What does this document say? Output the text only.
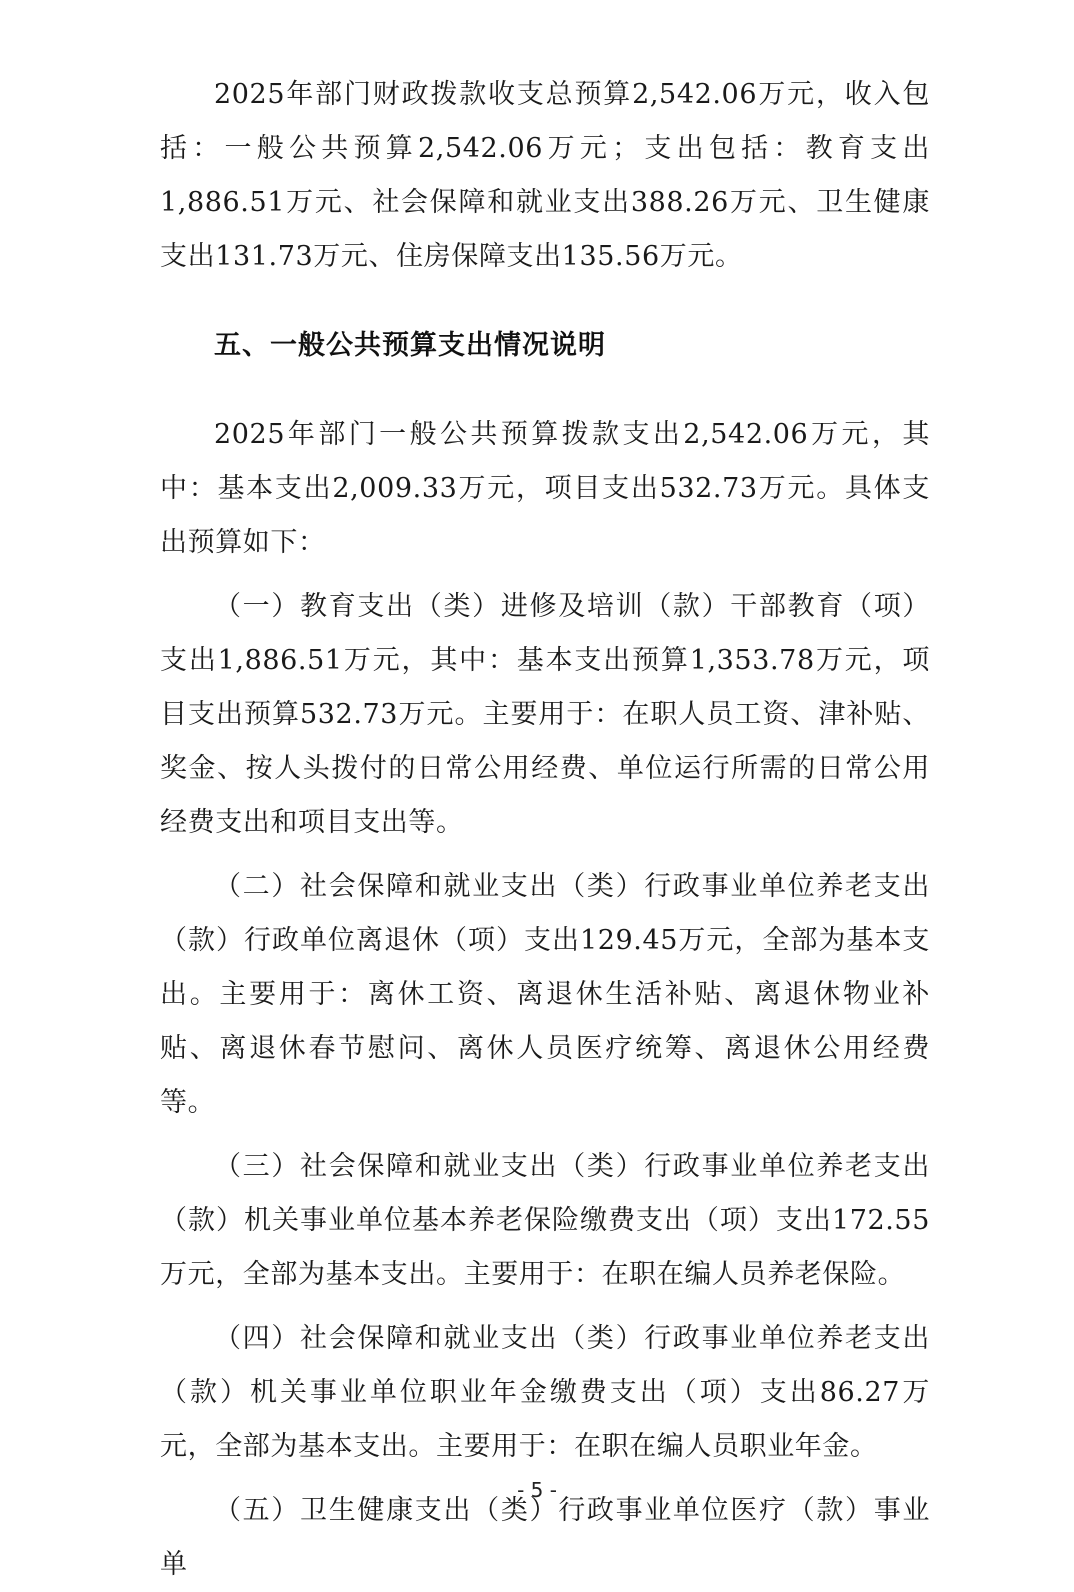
2025年部门财政拨款收支总预算2,542.06万元，收入包括：一般公共预算2,542.06万元；支出包括：教育支出1,886.51万元、社会保障和就业支出388.26万元、卫生健康支出131.73万元、住房保障支出135.56万元。

五、一般公共预算支出情况说明

2025年部门一般公共预算拨款支出2,542.06万元，其中：基本支出2,009.33万元，项目支出532.73万元。具体支出预算如下：

（一）教育支出（类）进修及培训（款）干部教育（项）支出1,886.51万元，其中：基本支出预算1,353.78万元，项目支出预算532.73万元。主要用于：在职人员工资、津补贴、奖金、按人头拨付的日常公用经费、单位运行所需的日常公用经费支出和项目支出等。

（二）社会保障和就业支出（类）行政事业单位养老支出（款）行政单位离退休（项）支出129.45万元，全部为基本支出。主要用于：离休工资、离退休生活补贴、离退休物业补贴、离退休春节慰问、离休人员医疗统筹、离退休公用经费等。

（三）社会保障和就业支出（类）行政事业单位养老支出（款）机关事业单位基本养老保险缴费支出（项）支出172.55万元，全部为基本支出。主要用于：在职在编人员养老保险。

（四）社会保障和就业支出（类）行政事业单位养老支出（款）机关事业单位职业年金缴费支出（项）支出86.27万元，全部为基本支出。主要用于：在职在编人员职业年金。

（五）卫生健康支出（类）行政事业单位医疗（款）事业单

- 5 -
